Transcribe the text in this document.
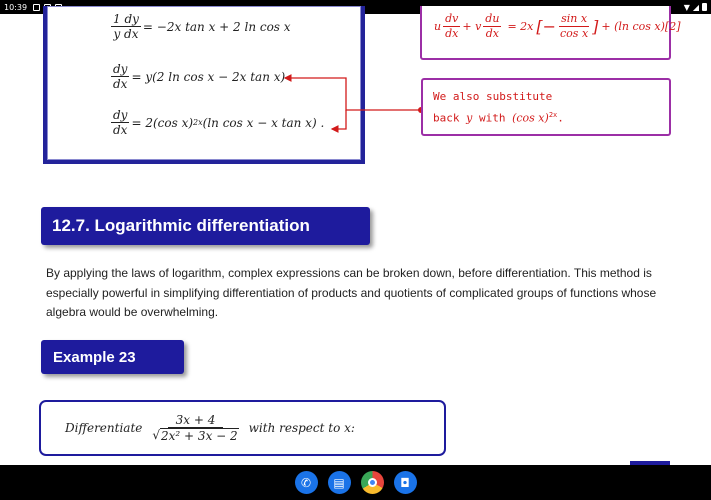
10:39	▼ ◢
$\frac{1 dy}{\text{y dx}} = -2x$ tan x + 2 ln cos x
$\frac{dy}{dx} = y(2$ ln cos x − 2x tan x)
$\frac{dy}{dx} = 2(\cos$ x) 2x (ln cos x − x tan x) .
u $\frac{dv}{dx} + v \frac{du}{dx} = 2x$ [− $\frac{\text{sin x}}{\text{cos x}}$ ] + (ln cos x)[2]
We also substitute
back y with (cos x)$^{2x}$.
12.7. Logarithmic differentiation

By applying the laws of logarithm, complex expressions can be broken down, before differentiation. This method is especially powerful in simplifying differentiation of products and quotients of complicated groups of functions whose algebra would be overwhelming.

Example 23
Differentiate $\frac{3x + 4}{\text{√ 2x² + 3x − 2}}$ with respect to x:
✆ ▤	◘
